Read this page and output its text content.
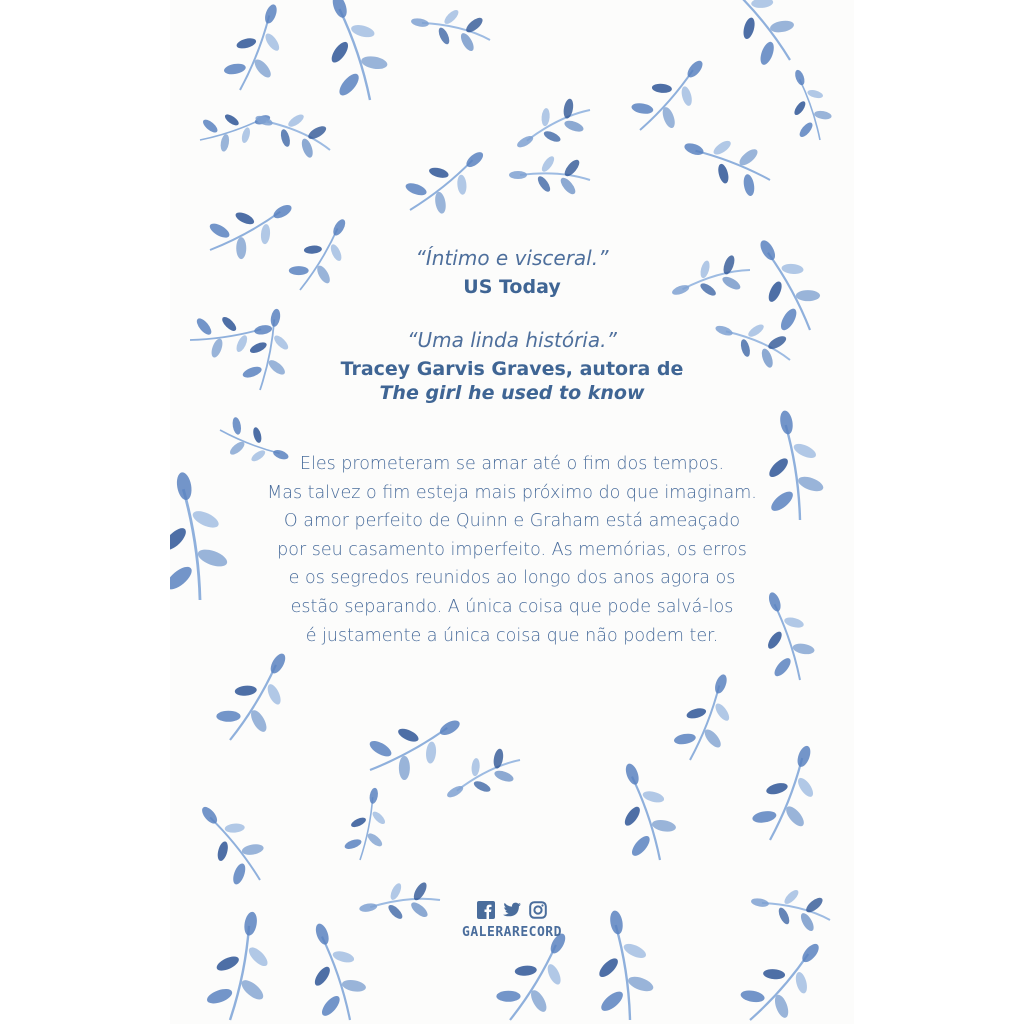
“Íntimo e visceral.”
US Today
“Uma linda história.”
Tracey Garvis Graves, autora de
The girl he used to know
Eles prometeram se amar até o fim dos tempos.
Mas talvez o fim esteja mais próximo do que imaginam.
O amor perfeito de Quinn e Graham está ameaçado
por seu casamento imperfeito. As memórias, os erros
e os segredos reunidos ao longo dos anos agora os
estão separando. A única coisa que pode salvá-los
é justamente a única coisa que não podem ter.
GALERARECORD
